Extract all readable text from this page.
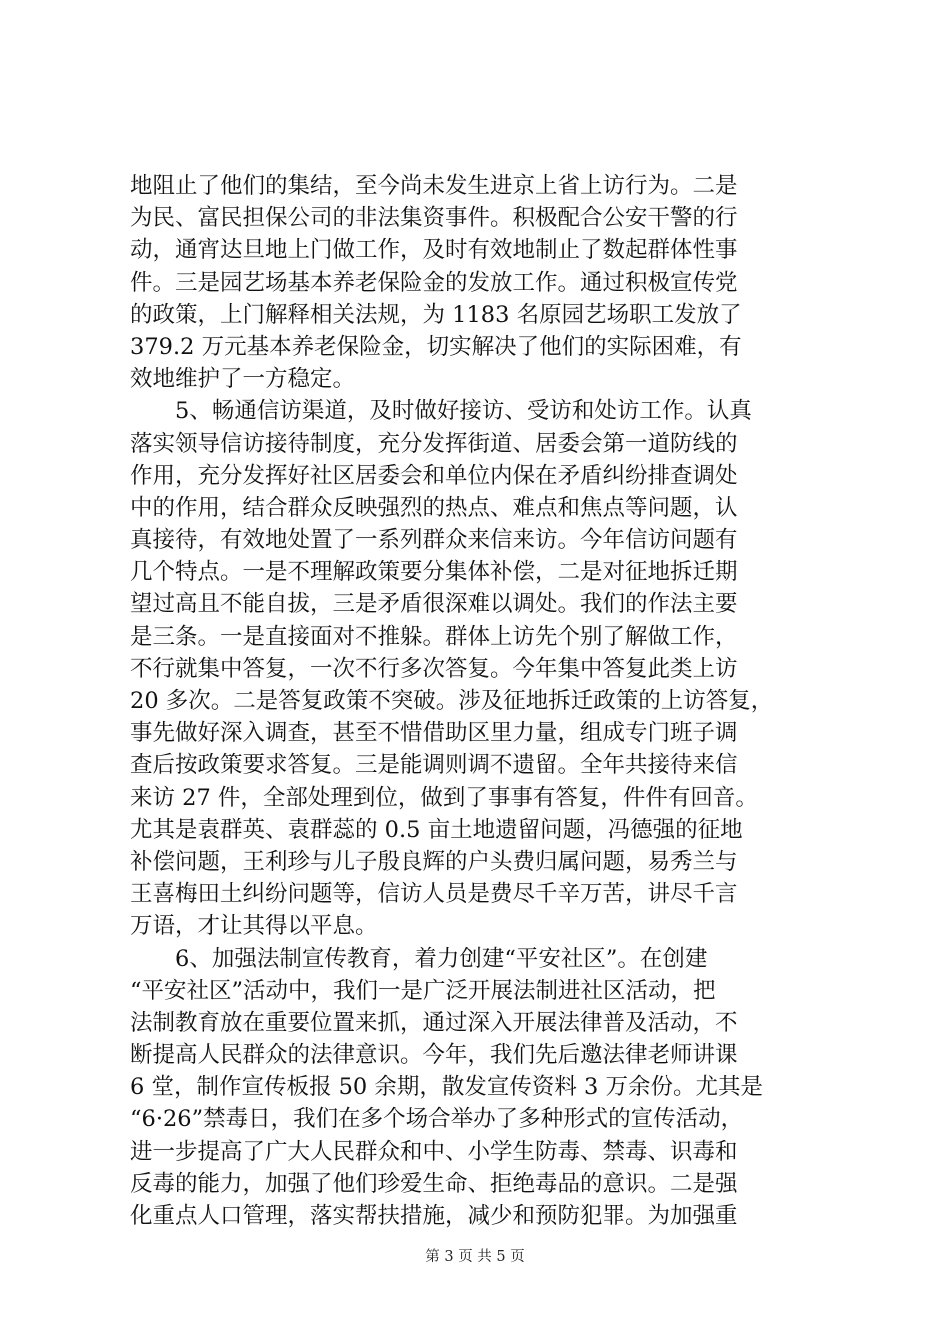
地阻止了他们的集结，至今尚未发生进京上省上访行为。二是
为民、富民担保公司的非法集资事件。积极配合公安干警的行
动，通宵达旦地上门做工作，及时有效地制止了数起群体性事
件。三是园艺场基本养老保险金的发放工作。通过积极宣传党
的政策，上门解释相关法规，为 1183 名原园艺场职工发放了
379.2 万元基本养老保险金，切实解决了他们的实际困难，有
效地维护了一方稳定。
　　5、畅通信访渠道，及时做好接访、受访和处访工作。认真
落实领导信访接待制度，充分发挥街道、居委会第一道防线的
作用，充分发挥好社区居委会和单位内保在矛盾纠纷排查调处
中的作用，结合群众反映强烈的热点、难点和焦点等问题，认
真接待，有效地处置了一系列群众来信来访。今年信访问题有
几个特点。一是不理解政策要分集体补偿，二是对征地拆迁期
望过高且不能自拔，三是矛盾很深难以调处。我们的作法主要
是三条。一是直接面对不推躲。群体上访先个别了解做工作，
不行就集中答复，一次不行多次答复。今年集中答复此类上访
20 多次。二是答复政策不突破。涉及征地拆迁政策的上访答复，
事先做好深入调查，甚至不惜借助区里力量，组成专门班子调
查后按政策要求答复。三是能调则调不遗留。全年共接待来信
来访 27 件，全部处理到位，做到了事事有答复，件件有回音。
尤其是袁群英、袁群蕊的 0.5 亩土地遗留问题，冯德强的征地
补偿问题，王利珍与儿子殷良辉的户头费归属问题，易秀兰与
王喜梅田土纠纷问题等，信访人员是费尽千辛万苦，讲尽千言
万语，才让其得以平息。
　　6、加强法制宣传教育，着力创建“平安社区”。在创建
“平安社区”活动中，我们一是广泛开展法制进社区活动，把
法制教育放在重要位置来抓，通过深入开展法律普及活动，不
断提高人民群众的法律意识。今年，我们先后邀法律老师讲课
6 堂，制作宣传板报 50 余期，散发宣传资料 3 万余份。尤其是
“6·26”禁毒日，我们在多个场合举办了多种形式的宣传活动，
进一步提高了广大人民群众和中、小学生防毒、禁毒、识毒和
反毒的能力，加强了他们珍爱生命、拒绝毒品的意识。二是强
化重点人口管理，落实帮扶措施，减少和预防犯罪。为加强重
第 3 页 共 5 页
